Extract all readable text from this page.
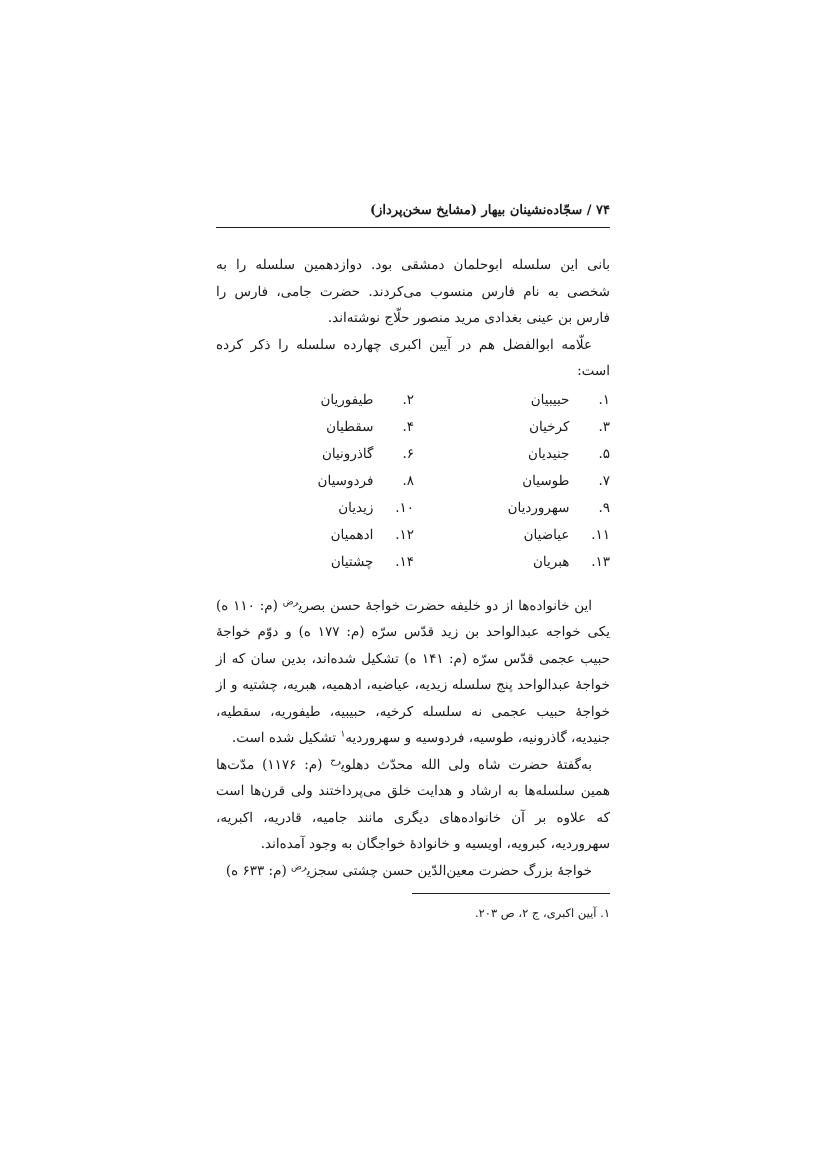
۷۴ / سجّاده‌نشینان بیهار (مشایخ سخن‌پرداز)

بانی این سلسله ابوحلمان دمشقی بود. دوازدهمین سلسله را به شخصی به نام فارس منسوب می‌کردند. حضرت جامی، فارس را فارس بن عینی بغدادی مرید منصور حلّاج نوشته‌اند.

علّامه ابوالفضل هم در آیین اکبری چهارده سلسله را ذکر کرده است:

۱.  حبیبیان
۲.  طیفوریان
۳.  کرخیان
۴.  سقطیان
۵.  جنیدیان
۶.  گاذرونیان
۷.  طوسیان
۸.  فردوسیان
۹.  سهروردیان
۱۰.  زیدیان
۱۱.  عیاضیان
۱۲.  ادهمیان
۱۳.  هبریان
۱۴.  چشتیان

این خانواده‌ها از دو خلیفه حضرت خواجهٔ حسن بصری$^{رض}$ (م: ۱۱۰ ه) یکی خواجه عبدالواحد بن زید قدّس سرّه (م: ۱۷۷ ه) و دوّم خواجهٔ حبیب عجمی قدّس سرّه (م: ۱۴۱ ه) تشکیل شده‌اند، بدین سان که از خواجهٔ عبدالواحد پنج سلسله زیدیه، عیاضیه، ادهمیه، هبریه، چشتیه و از خواجهٔ حبیب عجمی نه سلسله کرخیه، حبیبیه، طیفوریه، سقطیه، جنیدیه، گاذرونیه، طوسیه، فردوسیه و سهروردیه$^۱$ تشکیل شده است.

به‌گفتهٔ حضرت شاه ولی الله محدّث دهلوی$^{رح}$ (م: ۱۱۷۶) مدّت‌ها همین سلسله‌ها به ارشاد و هدایت خلق می‌پرداختند ولی قرن‌ها است که علاوه بر آن خانواده‌های دیگری مانند جامیه، قادریه، اکبریه، سهروردیه، کبرویه، اویسیه و خانوادهٔ خواجگان به وجود آمده‌اند.

خواجهٔ بزرگ حضرت معین‌الدّین حسن چشتی سجزی$^{رض}$ (م: ۶۳۳ ه)

۱. آیین اکبری، ج ۲، ص ۲۰۳.
